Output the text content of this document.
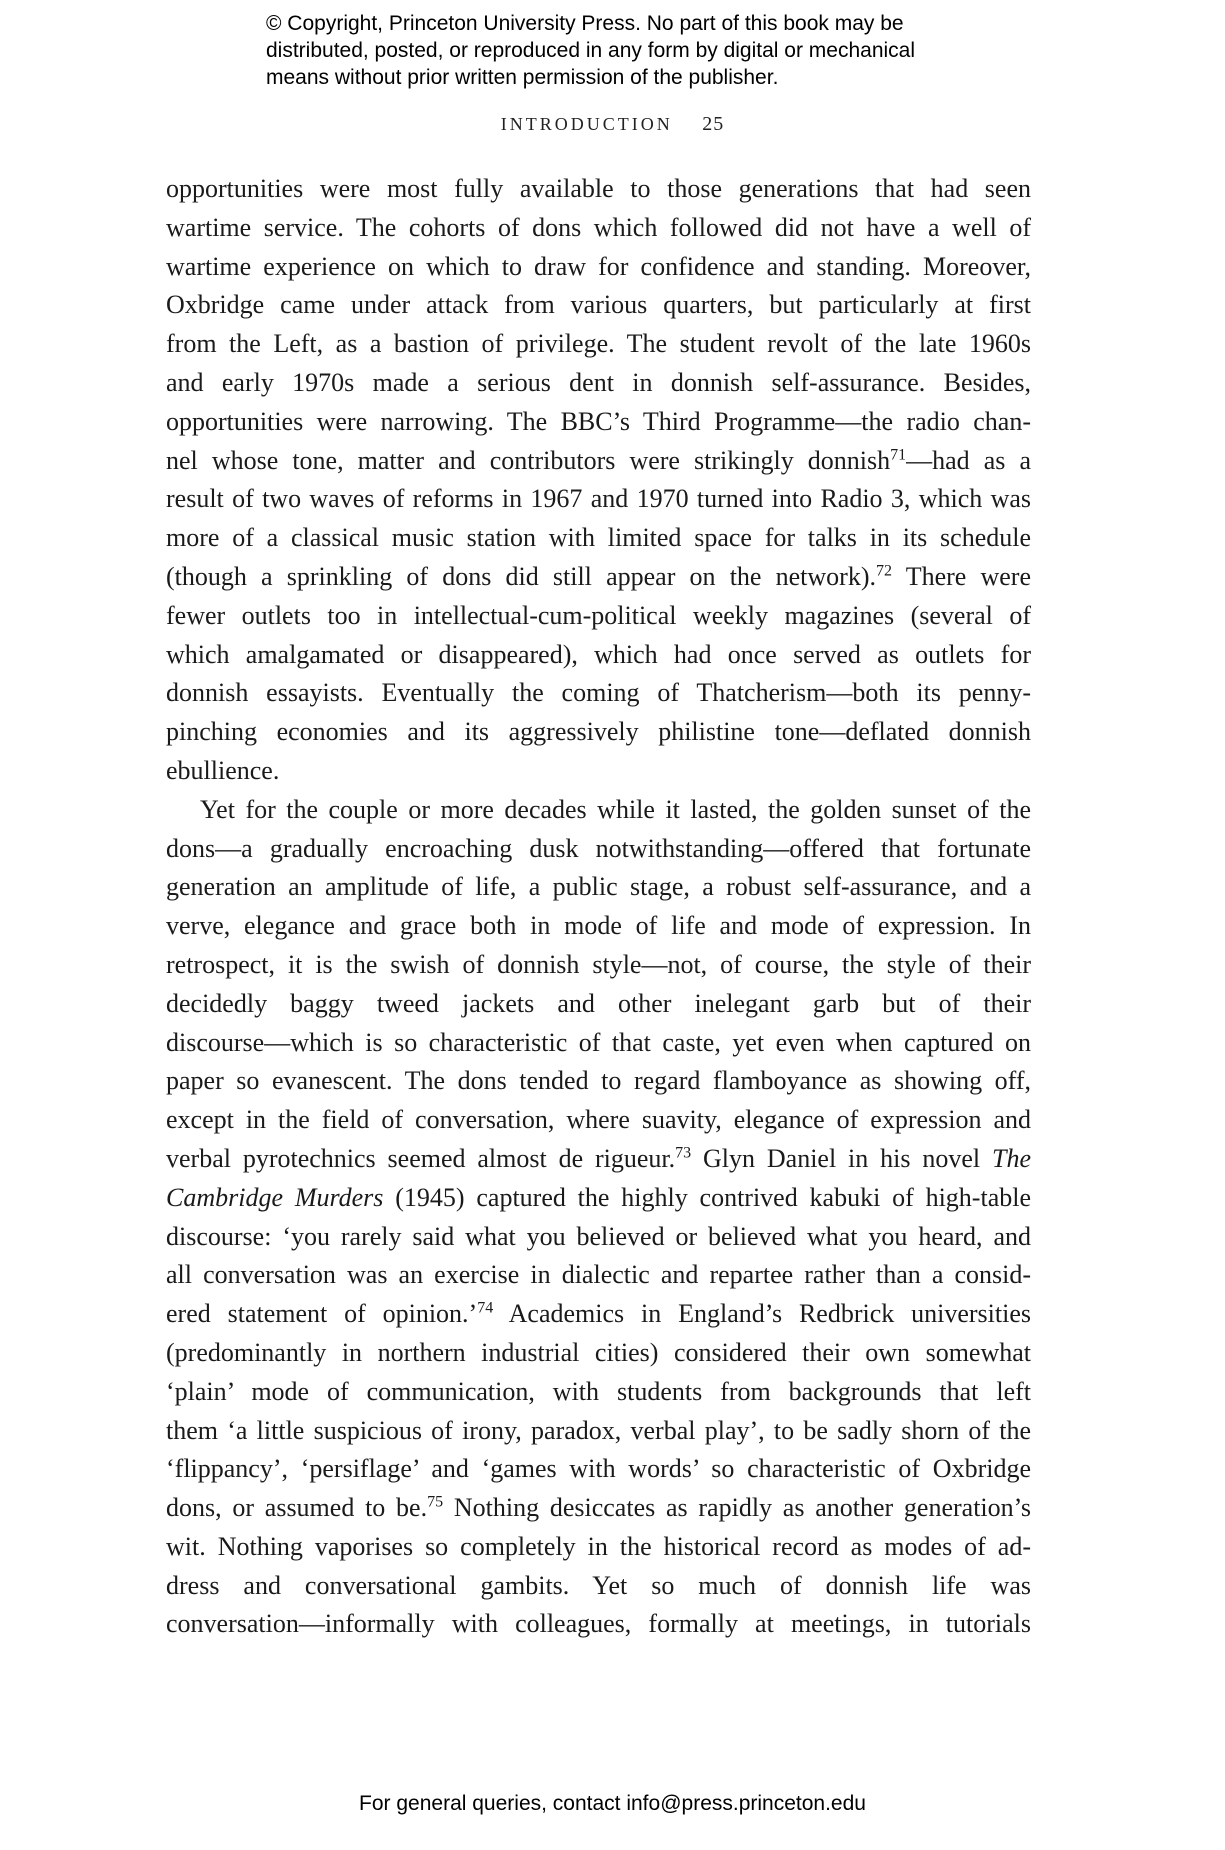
© Copyright, Princeton University Press. No part of this book may be
distributed, posted, or reproduced in any form by digital or mechanical
means without prior written permission of the publisher.
INTRODUCTION 25
opportunities were most fully available to those generations that had seen
wartime service. The cohorts of dons which followed did not have a well of
wartime experience on which to draw for confidence and standing. Moreover,
Oxbridge came under attack from various quarters, but particularly at first
from the Left, as a bastion of privilege. The student revolt of the late 1960s
and early 1970s made a serious dent in donnish self-assurance. Besides,
opportunities were narrowing. The BBC’s Third Programme—the radio chan-
nel whose tone, matter and contributors were strikingly donnish$^{71}$—had as a
result of two waves of reforms in 1967 and 1970 turned into Radio 3, which was
more of a classical music station with limited space for talks in its schedule
(though a sprinkling of dons did still appear on the network).$^{72}$ There were
fewer outlets too in intellectual-cum-political weekly magazines (several of
which amalgamated or disappeared), which had once served as outlets for
donnish essayists. Eventually the coming of Thatcherism—both its penny-
pinching economies and its aggressively philistine tone—deflated donnish
ebullience.
Yet for the couple or more decades while it lasted, the golden sunset of the
dons—a gradually encroaching dusk notwithstanding—offered that fortunate
generation an amplitude of life, a public stage, a robust self-assurance, and a
verve, elegance and grace both in mode of life and mode of expression. In
retrospect, it is the swish of donnish style—not, of course, the style of their
decidedly baggy tweed jackets and other inelegant garb but of their
discourse—which is so characteristic of that caste, yet even when captured on
paper so evanescent. The dons tended to regard flamboyance as showing off,
except in the field of conversation, where suavity, elegance of expression and
verbal pyrotechnics seemed almost de rigueur.$^{73}$ Glyn Daniel in his novel The
Cambridge Murders (1945) captured the highly contrived kabuki of high-table
discourse: ‘you rarely said what you believed or believed what you heard, and
all conversation was an exercise in dialectic and repartee rather than a consid-
ered statement of opinion.’$^{74}$ Academics in England’s Redbrick universities
(predominantly in northern industrial cities) considered their own somewhat
‘plain’ mode of communication, with students from backgrounds that left
them ‘a little suspicious of irony, paradox, verbal play’, to be sadly shorn of the
‘flippancy’, ‘persiflage’ and ‘games with words’ so characteristic of Oxbridge
dons, or assumed to be.$^{75}$ Nothing desiccates as rapidly as another generation’s
wit. Nothing vaporises so completely in the historical record as modes of ad-
dress and conversational gambits. Yet so much of donnish life was
conversation—informally with colleagues, formally at meetings, in tutorials
For general queries, contact info@press.princeton.edu
